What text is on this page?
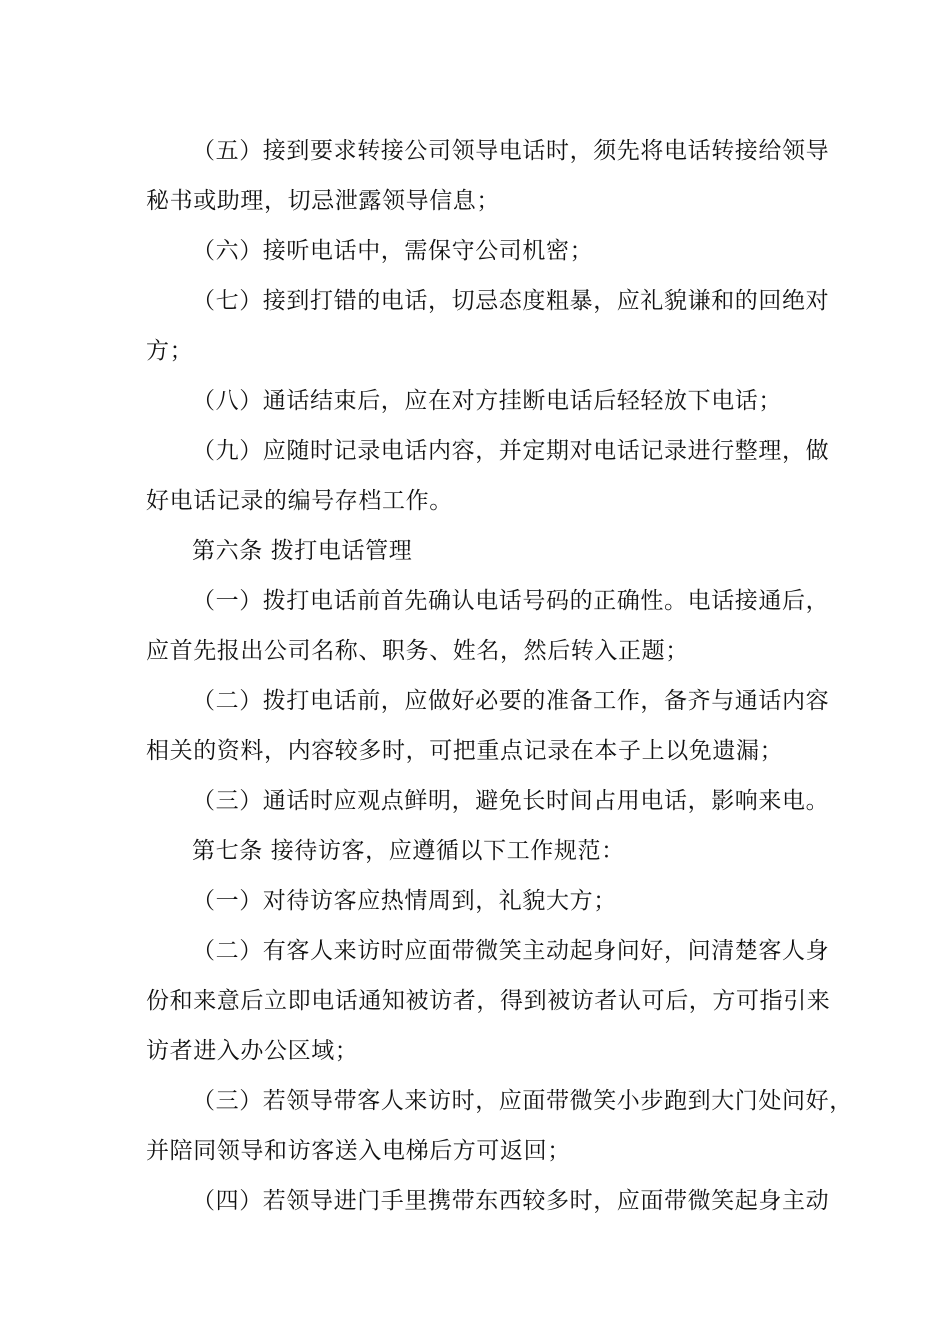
（五）接到要求转接公司领导电话时，须先将电话转接给领导
秘书或助理，切忌泄露领导信息；
（六）接听电话中，需保守公司机密；
（七）接到打错的电话，切忌态度粗暴，应礼貌谦和的回绝对
方；
（八）通话结束后，应在对方挂断电话后轻轻放下电话；
（九）应随时记录电话内容，并定期对电话记录进行整理，做
好电话记录的编号存档工作。
第六条 拨打电话管理
（一）拨打电话前首先确认电话号码的正确性。电话接通后，
应首先报出公司名称、职务、姓名，然后转入正题；
（二）拨打电话前，应做好必要的准备工作，备齐与通话内容
相关的资料，内容较多时，可把重点记录在本子上以免遗漏；
（三）通话时应观点鲜明，避免长时间占用电话，影响来电。
第七条 接待访客，应遵循以下工作规范：
（一）对待访客应热情周到，礼貌大方；
（二）有客人来访时应面带微笑主动起身问好，问清楚客人身
份和来意后立即电话通知被访者，得到被访者认可后，方可指引来
访者进入办公区域；
（三）若领导带客人来访时，应面带微笑小步跑到大门处问好，
并陪同领导和访客送入电梯后方可返回；
（四）若领导进门手里携带东西较多时，应面带微笑起身主动
